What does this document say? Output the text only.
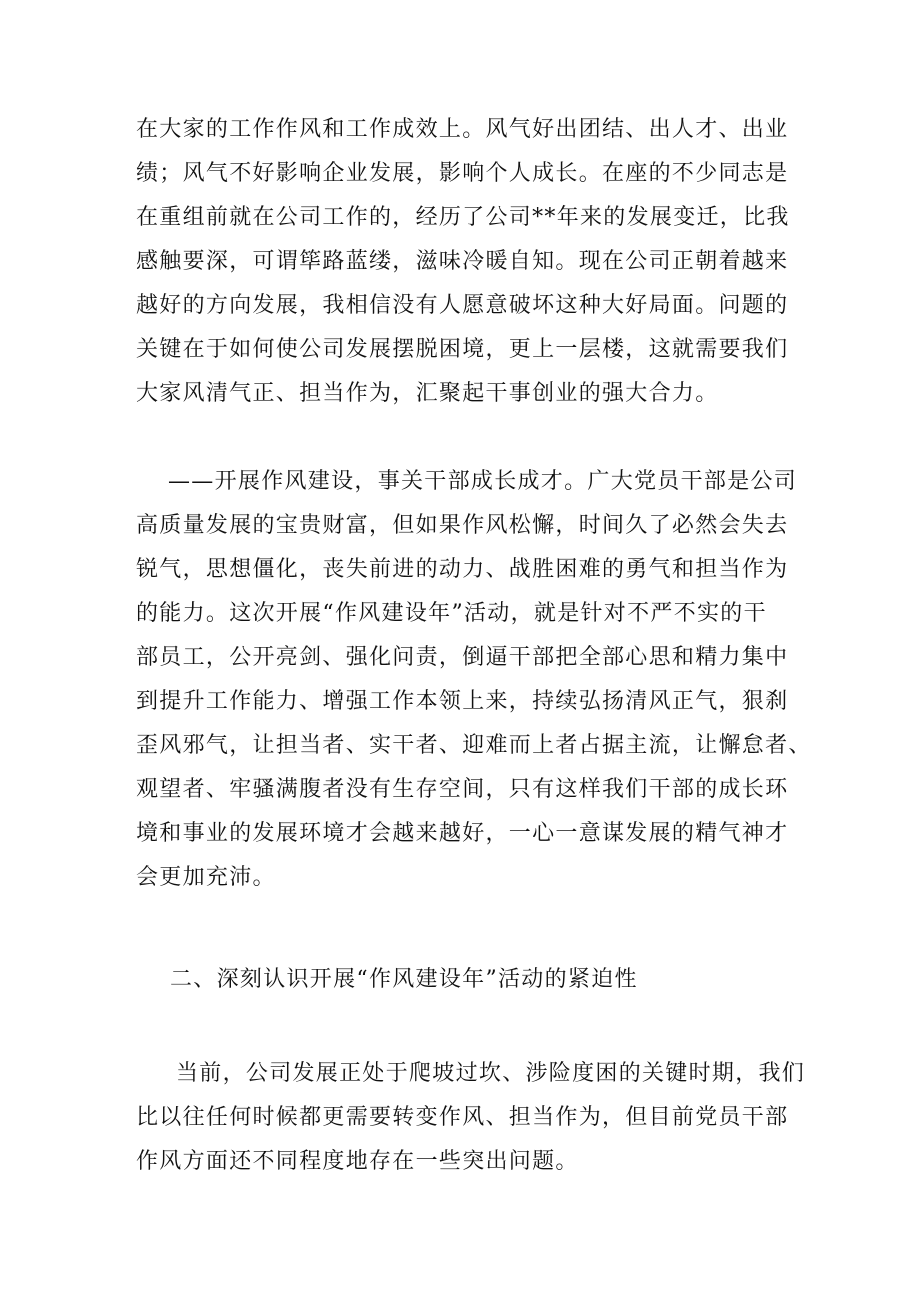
在大家的工作作风和工作成效上。风气好出团结、出人才、出业
绩；风气不好影响企业发展，影响个人成长。在座的不少同志是
在重组前就在公司工作的，经历了公司**年来的发展变迁，比我
感触要深，可谓筚路蓝缕，滋味冷暖自知。现在公司正朝着越来
越好的方向发展，我相信没有人愿意破坏这种大好局面。问题的
关键在于如何使公司发展摆脱困境，更上一层楼，这就需要我们
大家风清气正、担当作为，汇聚起干事创业的强大合力。
——开展作风建设，事关干部成长成才。广大党员干部是公司
高质量发展的宝贵财富，但如果作风松懈，时间久了必然会失去
锐气，思想僵化，丧失前进的动力、战胜困难的勇气和担当作为
的能力。这次开展“作风建设年”活动，就是针对不严不实的干
部员工，公开亮剑、强化问责，倒逼干部把全部心思和精力集中
到提升工作能力、增强工作本领上来，持续弘扬清风正气，狠刹
歪风邪气，让担当者、实干者、迎难而上者占据主流，让懈怠者、
观望者、牢骚满腹者没有生存空间，只有这样我们干部的成长环
境和事业的发展环境才会越来越好，一心一意谋发展的精气神才
会更加充沛。
二、深刻认识开展“作风建设年”活动的紧迫性
当前，公司发展正处于爬坡过坎、涉险度困的关键时期，我们
比以往任何时候都更需要转变作风、担当作为，但目前党员干部
作风方面还不同程度地存在一些突出问题。
